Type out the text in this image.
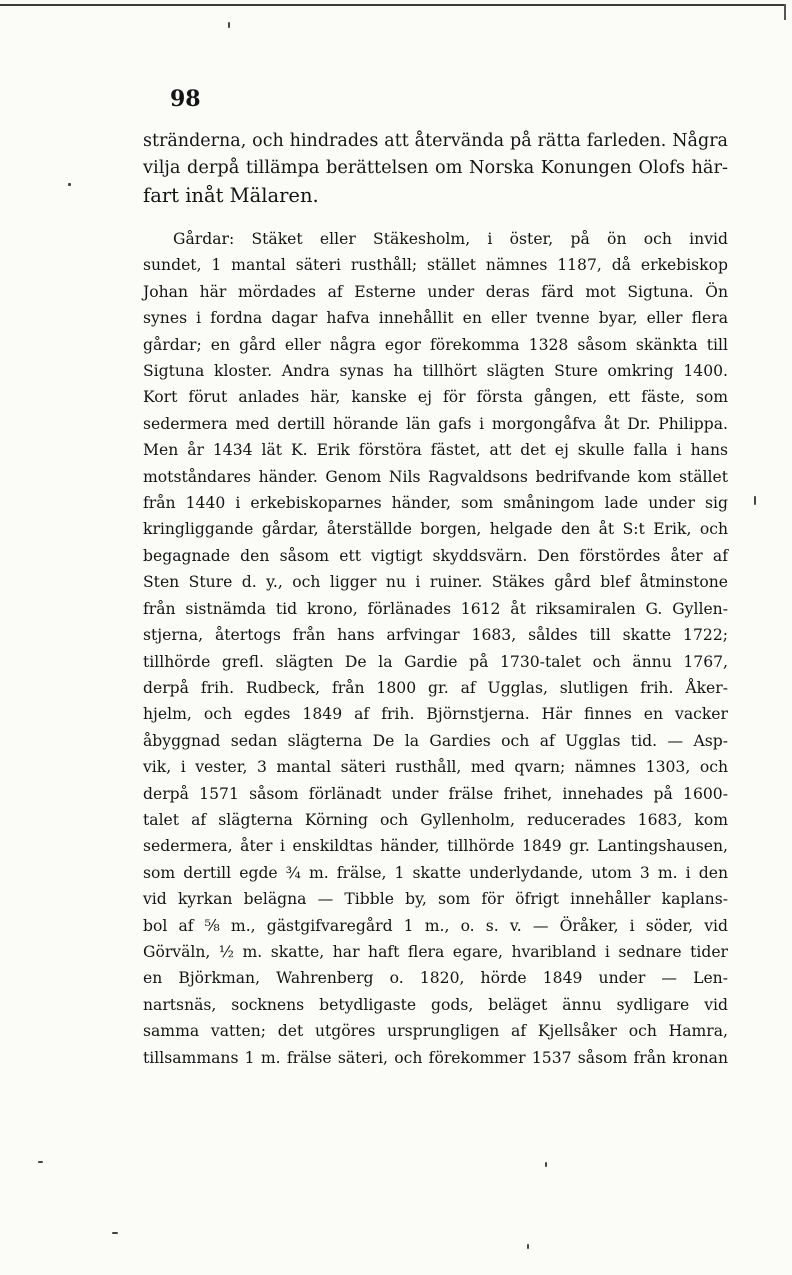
98
stränderna, och hindrades att återvända på rätta farleden. Några
vilja derpå tillämpa berättelsen om Norska Konungen Olofs här-
fart inåt Mälaren.
Gårdar: Stäket eller Stäkesholm, i öster, på ön och invid
sundet, 1 mantal säteri rusthåll; stället nämnes 1187, då erkebiskop
Johan här mördades af Esterne under deras färd mot Sigtuna. Ön
synes i fordna dagar hafva innehållit en eller tvenne byar, eller flera
gårdar; en gård eller några egor förekomma 1328 såsom skänkta till
Sigtuna kloster. Andra synas ha tillhört slägten Sture omkring 1400.
Kort förut anlades här, kanske ej för första gången, ett fäste, som
sedermera med dertill hörande län gafs i morgongåfva åt Dr. Philippa.
Men år 1434 lät K. Erik förstöra fästet, att det ej skulle falla i hans
motståndares händer. Genom Nils Ragvaldsons bedrifvande kom stället
från 1440 i erkebiskoparnes händer, som småningom lade under sig
kringliggande gårdar, återställde borgen, helgade den åt S:t Erik, och
begagnade den såsom ett vigtigt skyddsvärn. Den förstördes åter af
Sten Sture d. y., och ligger nu i ruiner. Stäkes gård blef åtminstone
från sistnämda tid krono, förlänades 1612 åt riksamiralen G. Gyllen-
stjerna, återtogs från hans arfvingar 1683, såldes till skatte 1722;
tillhörde grefl. slägten De la Gardie på 1730-talet och ännu 1767,
derpå frih. Rudbeck, från 1800 gr. af Ugglas, slutligen frih. Åker-
hjelm, och egdes 1849 af frih. Björnstjerna. Här finnes en vacker
åbyggnad sedan slägterna De la Gardies och af Ugglas tid. — Asp-
vik, i vester, 3 mantal säteri rusthåll, med qvarn; nämnes 1303, och
derpå 1571 såsom förlänadt under frälse frihet, innehades på 1600-
talet af slägterna Körning och Gyllenholm, reducerades 1683, kom
sedermera, åter i enskildtas händer, tillhörde 1849 gr. Lantingshausen,
som dertill egde ¾ m. frälse, 1 skatte underlydande, utom 3 m. i den
vid kyrkan belägna — Tibble by, som för öfrigt innehåller kaplans-
bol af ⅝ m., gästgifvaregård 1 m., o. s. v. — Öråker, i söder, vid
Görväln, ½ m. skatte, har haft flera egare, hvaribland i sednare tider
en Björkman, Wahrenberg o. 1820, hörde 1849 under — Len-
nartsnäs, socknens betydligaste gods, beläget ännu sydligare vid
samma vatten; det utgöres ursprungligen af Kjellsåker och Hamra,
tillsammans 1 m. frälse säteri, och förekommer 1537 såsom från kronan
